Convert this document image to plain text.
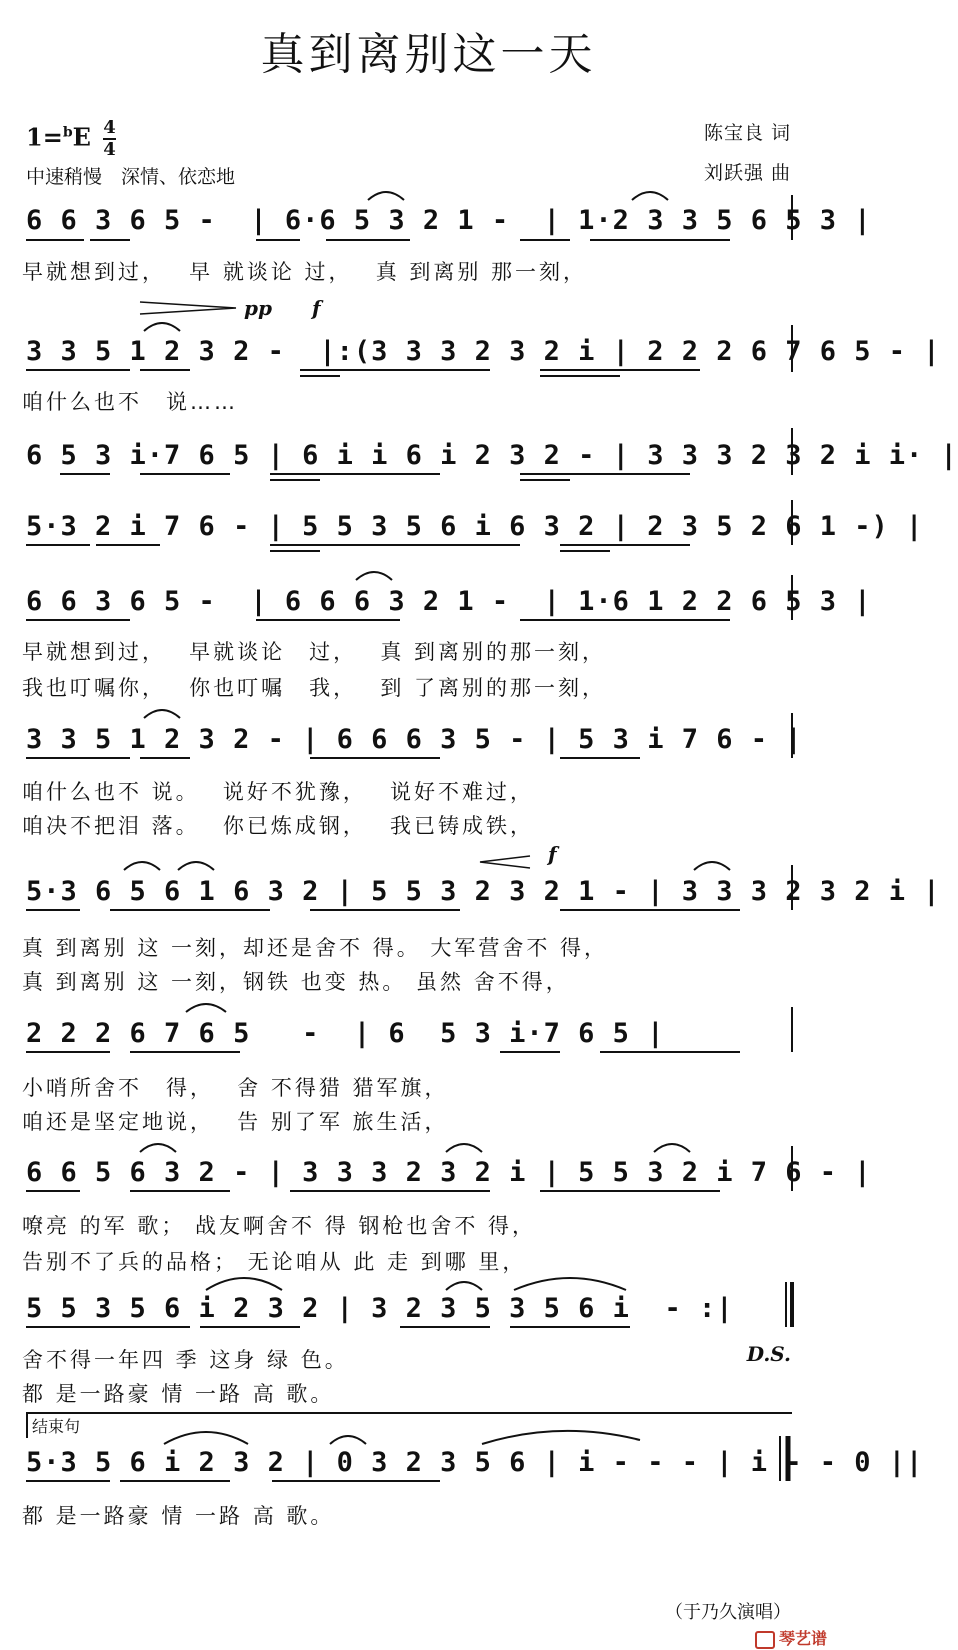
真到离别这一天
$1=^bE \frac{4}{4}$
中速稍慢　深情、依恋地
陈宝良 词
刘跃强 曲
6 6 3 6 5 -  | 6·6 5 3 2 1 -  | 1·2 3 3 5 6 5 3 |
早就想到过，　 早 就谈论 过，　 真 到离别 那一刻，
3 3 5 1 2 3 2 -  |:(3 3 3 2 3 2 i | 2 2 2 6 7 6 5 - |
咱什么也不　说……
pp f
6 5 3 i·7 6 5 | 6 i i 6 i 2 3 2 - | 3 3 3 2 3 2 i i· |
5·3 2 i 7 6 - | 5 5 3 5 6 i 6 3 2 | 2 3 5 2 6 1 -) |
6 6 3 6 5 -  | 6 6 6 3 2 1 -  | 1·6 1 2 2 6 5 3 |
早就想到过，　 早就谈论　过，　 真 到离别的那一刻，
我也叮嘱你，　 你也叮嘱　我，　 到 了离别的那一刻，
3 3 5 1 2 3 2 - | 6 6 6 3 5 - | 5 3 i 7 6 - |
咱什么也不 说。　 说好不犹豫，　 说好不难过，
咱决不把泪 落。　 你已炼成钢，　 我已铸成铁，
f
5·3 6 5 6 1 6 3 2 | 5 5 3 2 3 2 1 - | 3 3 3 2 3 2 i |
真 到离别 这 一刻，却还是舍不 得。 大军营舍不 得，
真 到离别 这 一刻，钢铁 也变 热。 虽然 舍不得，
2 2 2 6 7 6 5   -  | 6  5 3 i·7 6 5 |
小哨所舍不　得，　 舍 不得猎 猎军旗，
咱还是坚定地说，　 告 别了军 旅生活，
6 6 5 6 3 2 - | 3 3 3 2 3 2 i | 5 5 3 2 i 7 6 - |
嘹亮 的军 歌； 战友啊舍不 得 钢枪也舍不 得，
告别不了兵的品格； 无论咱从 此 走 到哪 里，
5 5 3 5 6 i 2 3 2 | 3 2 3 5 3 5 6 i  - :|
舍不得一年四 季 这身 绿 色。
都 是一路豪 情 一路 高 歌。
D.S.
结束句
5·3 5 6 i 2 3 2 | 0 3 2 3 5 6 | i - - - | i - - 0 ||
都 是一路豪 情 一路 高 歌。
（于乃久演唱）
琴艺谱
